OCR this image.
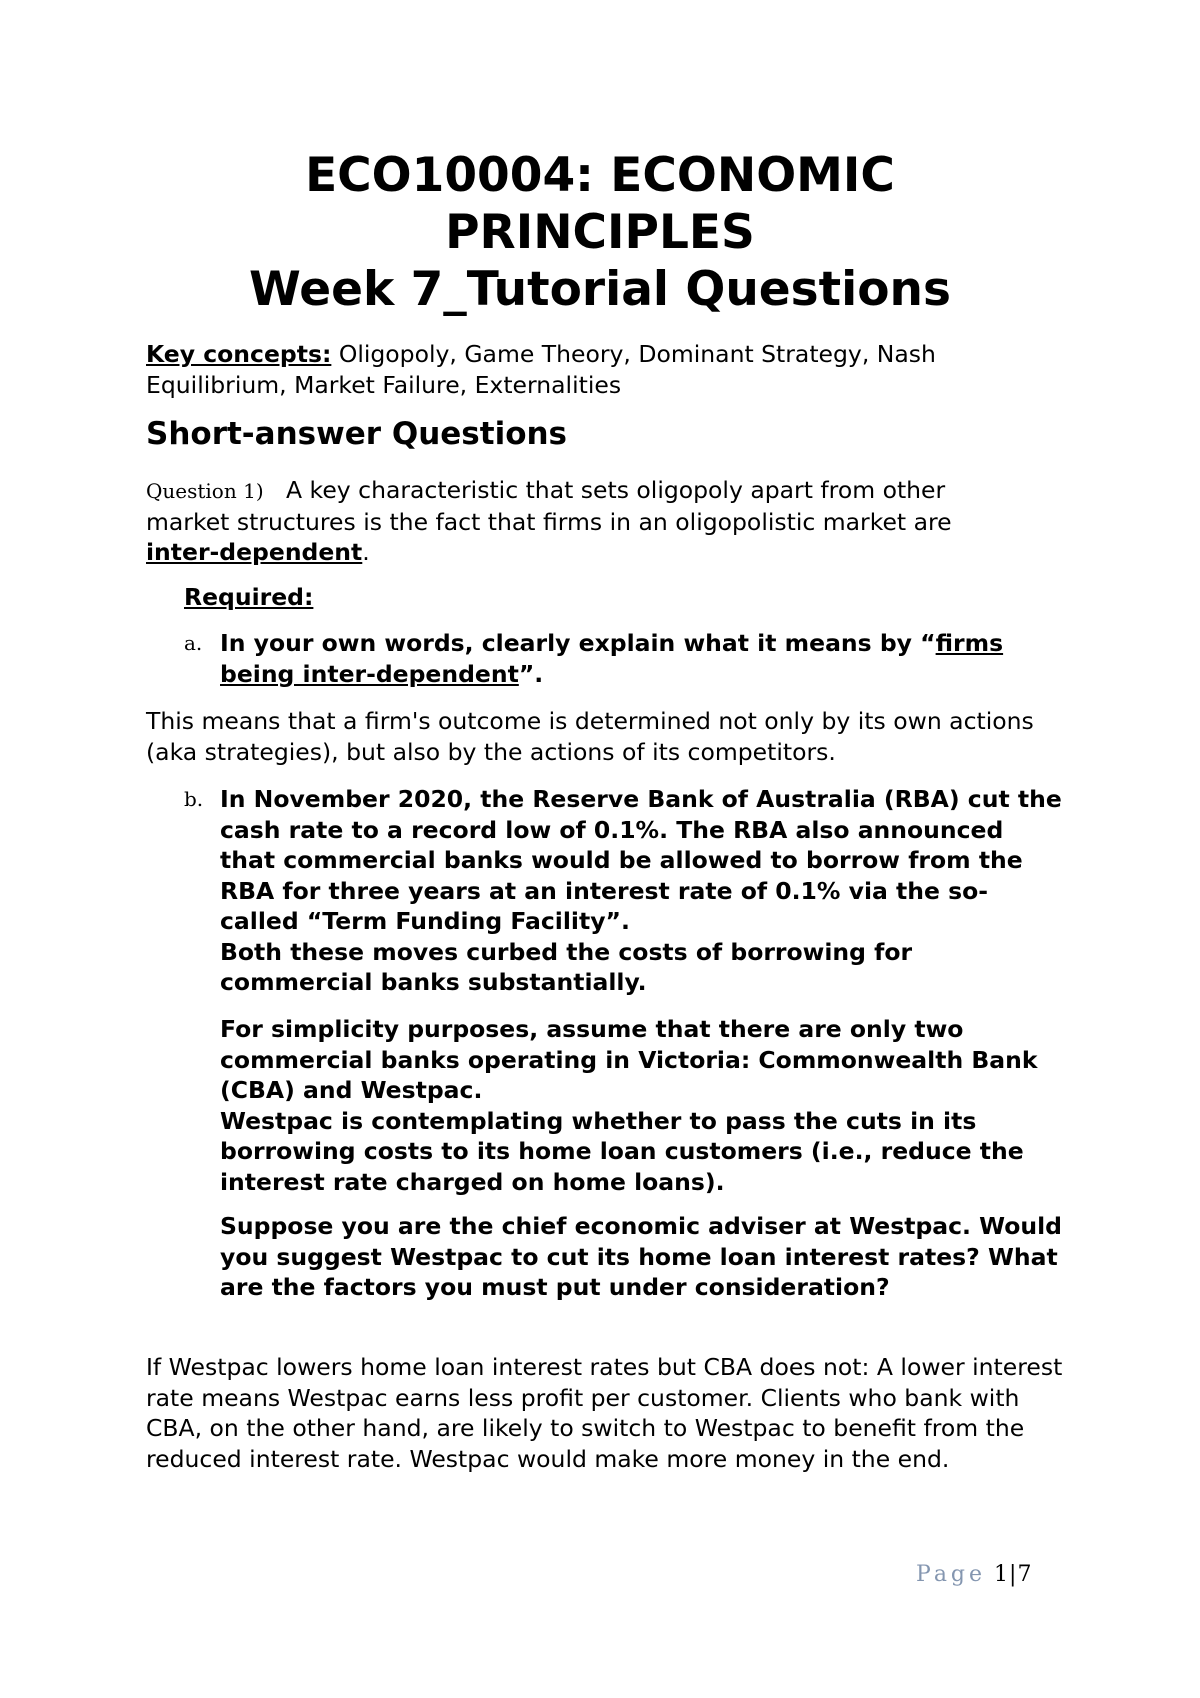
ECO10004: ECONOMIC
PRINCIPLES
Week 7_Tutorial Questions

Key concepts: Oligopoly, Game Theory, Dominant Strategy, Nash Equilibrium, Market Failure, Externalities

Short-answer Questions

Question 1) A key characteristic that sets oligopoly apart from other market structures is the fact that firms in an oligopolistic market are inter-dependent.

Required:

a. In your own words, clearly explain what it means by “firms being inter-dependent”.

This means that a firm's outcome is determined not only by its own actions (aka strategies), but also by the actions of its competitors.

b. In November 2020, the Reserve Bank of Australia (RBA) cut the cash rate to a record low of 0.1%. The RBA also announced that commercial banks would be allowed to borrow from the RBA for three years at an interest rate of 0.1% via the so-called “Term Funding Facility”.
Both these moves curbed the costs of borrowing for commercial banks substantially.

For simplicity purposes, assume that there are only two commercial banks operating in Victoria: Commonwealth Bank (CBA) and Westpac.
Westpac is contemplating whether to pass the cuts in its borrowing costs to its home loan customers (i.e., reduce the interest rate charged on home loans).

Suppose you are the chief economic adviser at Westpac. Would you suggest Westpac to cut its home loan interest rates? What are the factors you must put under consideration?

If Westpac lowers home loan interest rates but CBA does not: A lower interest rate means Westpac earns less profit per customer. Clients who bank with CBA, on the other hand, are likely to switch to Westpac to benefit from the reduced interest rate. Westpac would make more money in the end.

Page 1|7
